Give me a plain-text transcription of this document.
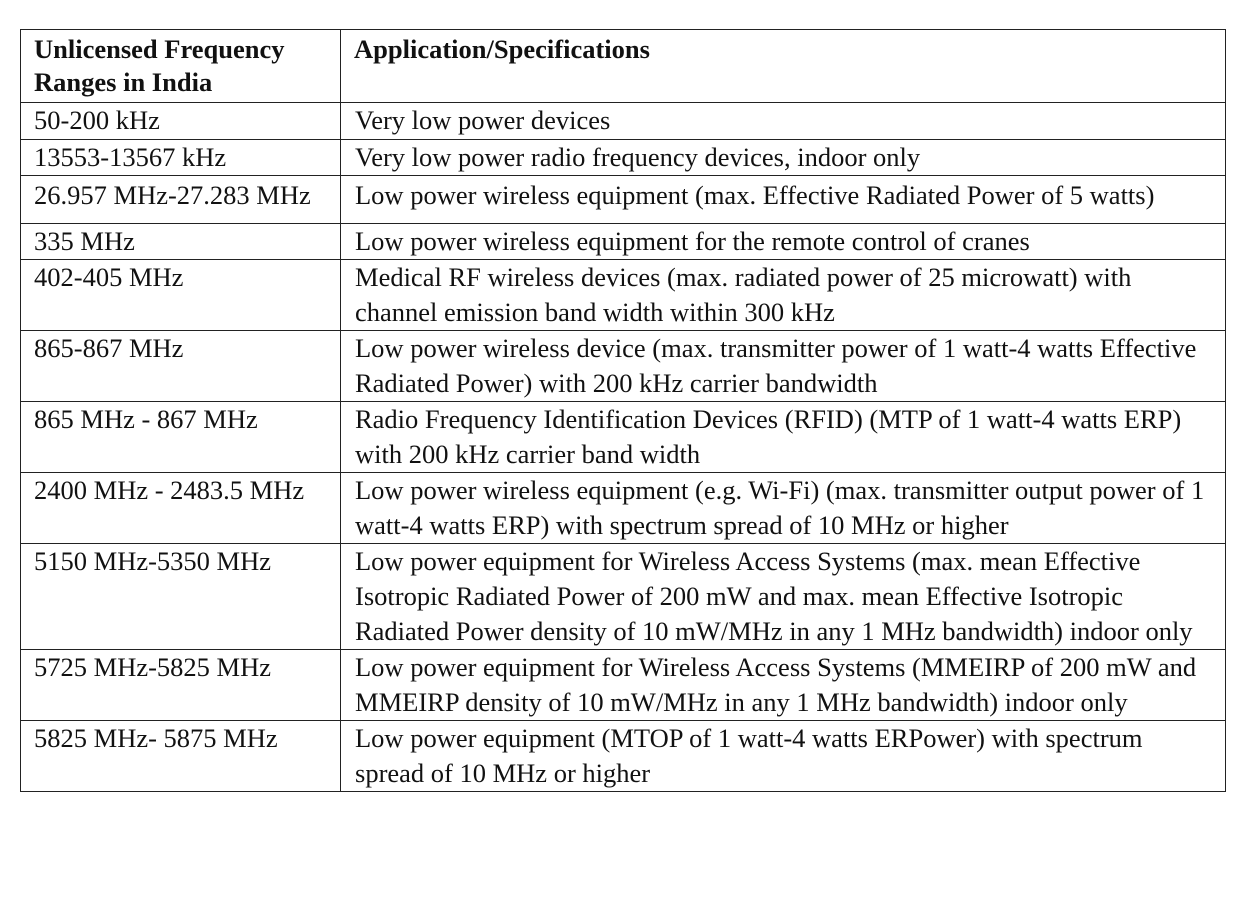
Unlicensed Frequency Ranges in India	Application/Specifications
50-200 kHz	Very low power devices
13553-13567 kHz	Very low power radio frequency devices, indoor only
26.957 MHz-27.283 MHz	Low power wireless equipment (max. Effective Radiated Power of 5 watts)
335 MHz	Low power wireless equipment for the remote control of cranes
402-405 MHz	Medical RF wireless devices (max. radiated power of 25 microwatt) with channel emission band width within 300 kHz
865-867 MHz	Low power wireless device (max. transmitter power of 1 watt-4 watts Effective Radiated Power) with 200 kHz carrier bandwidth
865 MHz - 867 MHz	Radio Frequency Identification Devices (RFID) (MTP of 1 watt-4 watts ERP) with 200 kHz carrier band width
2400 MHz - 2483.5 MHz	Low power wireless equipment (e.g. Wi-Fi) (max. transmitter output power of 1 watt-4 watts ERP) with spectrum spread of 10 MHz or higher
5150 MHz-5350 MHz	Low power equipment for Wireless Access Systems (max. mean Effective Isotropic Radiated Power of 200 mW and max. mean Effective Isotropic Radiated Power density of 10 mW/MHz in any 1 MHz bandwidth) indoor only
5725 MHz-5825 MHz	Low power equipment for Wireless Access Systems (MMEIRP of 200 mW and MMEIRP density of 10 mW/MHz in any 1 MHz bandwidth) indoor only
5825 MHz- 5875 MHz	Low power equipment (MTOP of 1 watt-4 watts ERPower) with spectrum spread of 10 MHz or higher
